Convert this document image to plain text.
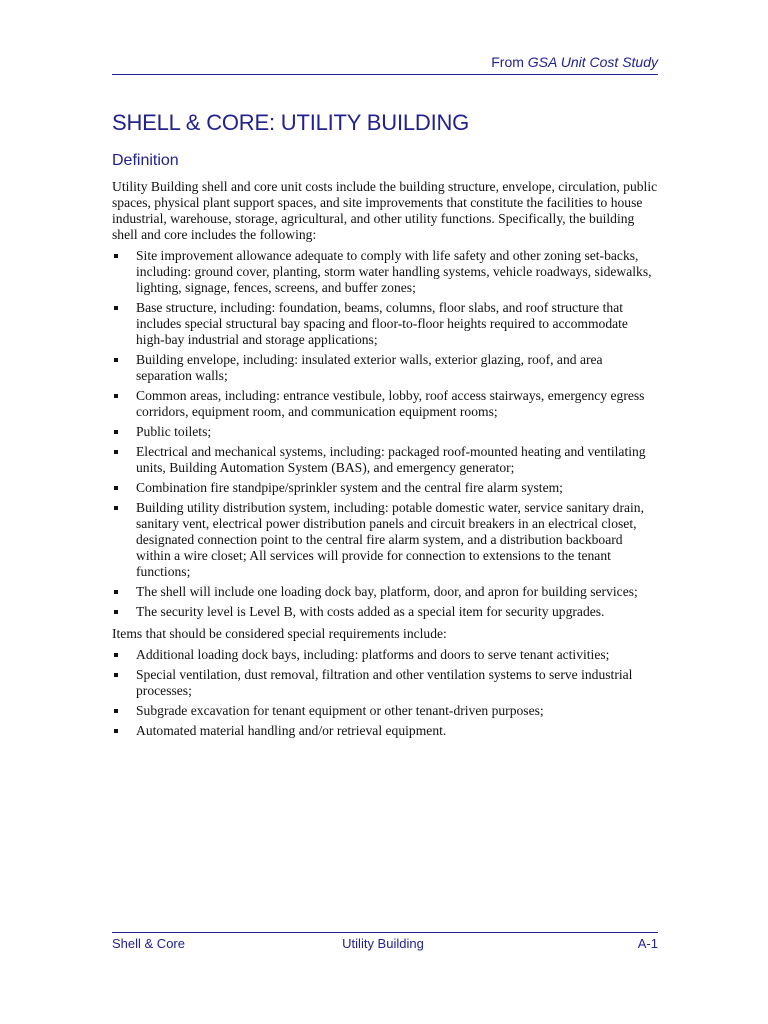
From GSA Unit Cost Study
SHELL & CORE: UTILITY BUILDING
Definition

Utility Building shell and core unit costs include the building structure, envelope, circulation, public spaces, physical plant support spaces, and site improvements that constitute the facilities to house industrial, warehouse, storage, agricultural, and other utility functions. Specifically, the building shell and core includes the following:

Site improvement allowance adequate to comply with life safety and other zoning set-backs, including: ground cover, planting, storm water handling systems, vehicle roadways, sidewalks, lighting, signage, fences, screens, and buffer zones;
Base structure, including: foundation, beams, columns, floor slabs, and roof structure that includes special structural bay spacing and floor-to-floor heights required to accommodate high-bay industrial and storage applications;
Building envelope, including: insulated exterior walls, exterior glazing, roof, and area separation walls;
Common areas, including: entrance vestibule, lobby, roof access stairways, emergency egress corridors, equipment room, and communication equipment rooms;
Public toilets;
Electrical and mechanical systems, including: packaged roof-mounted heating and ventilating units, Building Automation System (BAS), and emergency generator;
Combination fire standpipe/sprinkler system and the central fire alarm system;
Building utility distribution system, including: potable domestic water, service sanitary drain, sanitary vent, electrical power distribution panels and circuit breakers in an electrical closet, designated connection point to the central fire alarm system, and a distribution backboard within a wire closet; All services will provide for connection to extensions to the tenant functions;
The shell will include one loading dock bay, platform, door, and apron for building services;
The security level is Level B, with costs added as a special item for security upgrades.

Items that should be considered special requirements include:

Additional loading dock bays, including: platforms and doors to serve tenant activities;
Special ventilation, dust removal, filtration and other ventilation systems to serve industrial processes;
Subgrade excavation for tenant equipment or other tenant-driven purposes;
Automated material handling and/or retrieval equipment.
Shell & Core	Utility Building	A-1
